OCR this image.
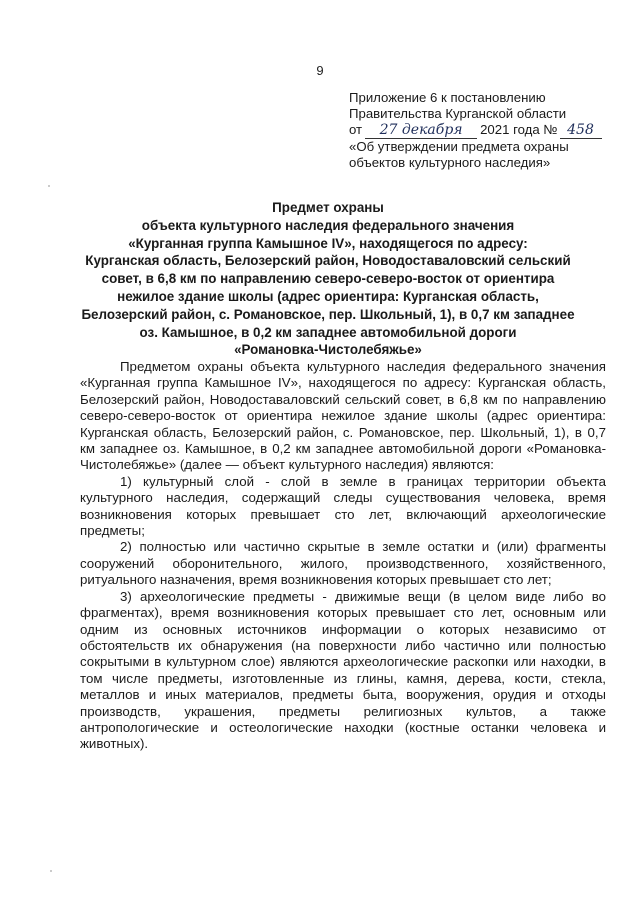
9
Приложение 6 к постановлению
Правительства Курганской области
от 27 декабря 2021 года № 458
«Об утверждении предмета охраны
объектов культурного наследия»
Предмет охраны
объекта культурного наследия федерального значения
«Курганная группа Камышное IV», находящегося по адресу:
Курганская область, Белозерский район, Новодоставаловский сельский
совет, в 6,8 км по направлению северо-северо-восток от ориентира
нежилое здание школы (адрес ориентира: Курганская область,
Белозерский район, с. Романовское, пер. Школьный, 1), в 0,7 км западнее
оз. Камышное, в 0,2 км западнее автомобильной дороги
«Романовка-Чистолебяжье»

Предметом охраны объекта культурного наследия федерального значения «Курганная группа Камышное IV», находящегося по адресу: Курганская область, Белозерский район, Новодоставаловский сельский совет, в 6,8 км по направлению северо-северо-восток от ориентира нежилое здание школы (адрес ориентира: Курганская область, Белозерский район, с. Романовское, пер. Школьный, 1), в 0,7 км западнее оз. Камышное, в 0,2 км западнее автомобильной дороги «Романовка-Чистолебяжье» (далее — объект культурного наследия) являются:

1) культурный слой - слой в земле в границах территории объекта культурного наследия, содержащий следы существования человека, время возникновения которых превышает сто лет, включающий археологические предметы;

2) полностью или частично скрытые в земле остатки и (или) фрагменты сооружений оборонительного, жилого, производственного, хозяйственного, ритуального назначения, время возникновения которых превышает сто лет;

3) археологические предметы - движимые вещи (в целом виде либо во фрагментах), время возникновения которых превышает сто лет, основным или одним из основных источников информации о которых независимо от обстоятельств их обнаружения (на поверхности либо частично или полностью сокрытыми в культурном слое) являются археологические раскопки или находки, в том числе предметы, изготовленные из глины, камня, дерева, кости, стекла, металлов и иных материалов, предметы быта, вооружения, орудия и отходы производств, украшения, предметы религиозных культов, а также антропологические и остеологические находки (костные останки человека и животных).
